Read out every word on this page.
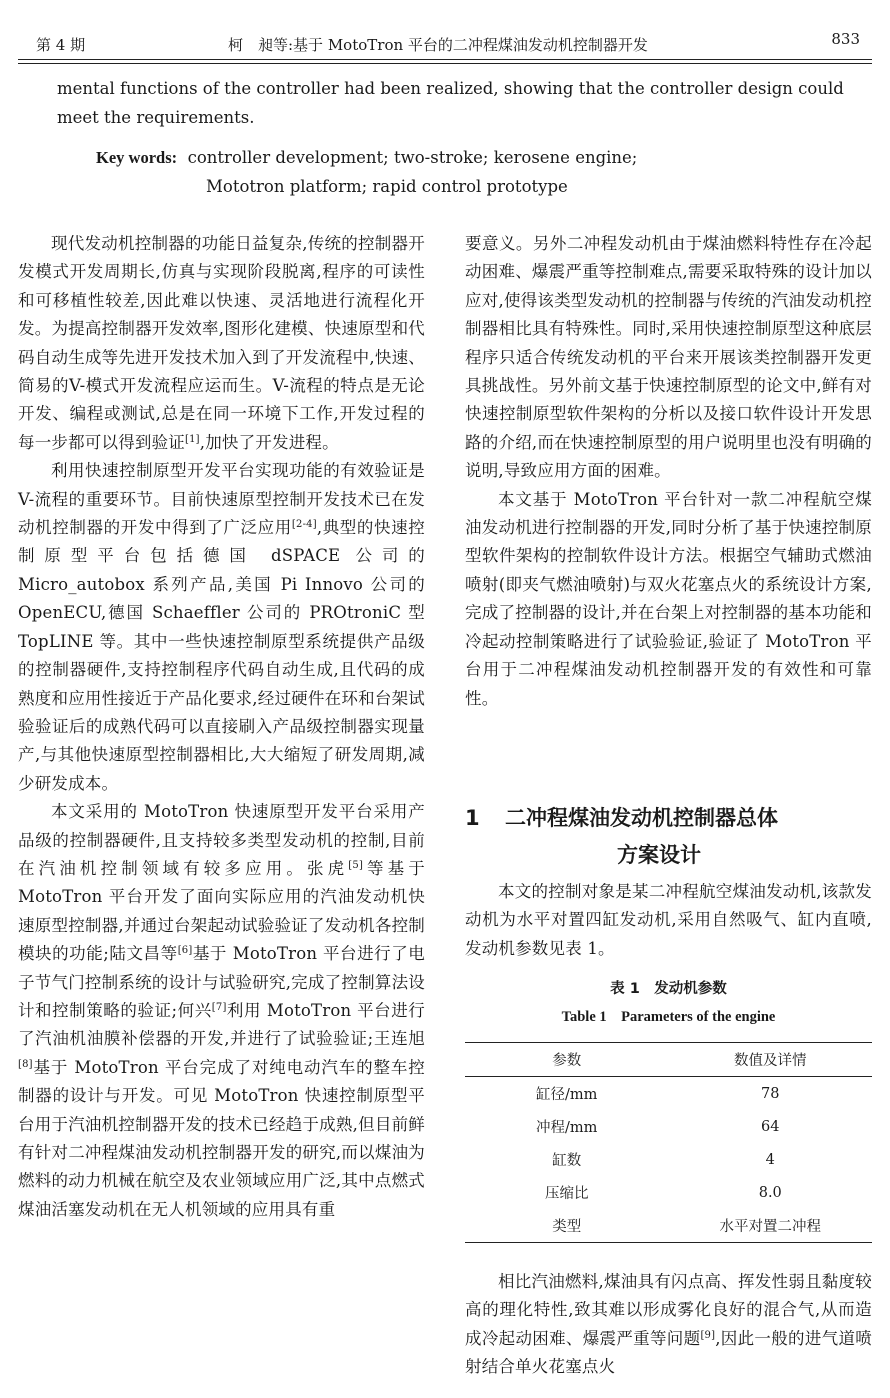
第 4 期	柯　昶等:基于 MotoTron 平台的二冲程煤油发动机控制器开发	833
mental functions of the controller had been realized, showing that the controller design could
meet the requirements.
Key words: controller development; two-stroke; kerosene engine;
Mototron platform; rapid control prototype

现代发动机控制器的功能日益复杂,传统的控制器开发模式开发周期长,仿真与实现阶段脱离,程序的可读性和可移植性较差,因此难以快速、灵活地进行流程化开发。为提高控制器开发效率,图形化建模、快速原型和代码自动生成等先进开发技术加入到了开发流程中,快速、简易的V-模式开发流程应运而生。V-流程的特点是无论开发、编程或测试,总是在同一环境下工作,开发过程的每一步都可以得到验证[1],加快了开发进程。

利用快速控制原型开发平台实现功能的有效验证是 V-流程的重要环节。目前快速原型控制开发技术已在发动机控制器的开发中得到了广泛应用[2-4],典型的快速控制原型平台包括德国 dSPACE 公司的 Micro_autobox 系列产品,美国 Pi Innovo 公司的 OpenECU,德国 Schaeffler 公司的 PROtroniC 型 TopLINE 等。其中一些快速控制原型系统提供产品级的控制器硬件,支持控制程序代码自动生成,且代码的成熟度和应用性接近于产品化要求,经过硬件在环和台架试验验证后的成熟代码可以直接刷入产品级控制器实现量产,与其他快速原型控制器相比,大大缩短了研发周期,减少研发成本。

本文采用的 MotoTron 快速原型开发平台采用产品级的控制器硬件,且支持较多类型发动机的控制,目前在汽油机控制领域有较多应用。张虎[5]等基于 MotoTron 平台开发了面向实际应用的汽油发动机快速原型控制器,并通过台架起动试验验证了发动机各控制模块的功能;陆文昌等[6]基于 MotoTron 平台进行了电子节气门控制系统的设计与试验研究,完成了控制算法设计和控制策略的验证;何兴[7]利用 MotoTron 平台进行了汽油机油膜补偿器的开发,并进行了试验验证;王连旭[8]基于 MotoTron 平台完成了对纯电动汽车的整车控制器的设计与开发。可见 MotoTron 快速控制原型平台用于汽油机控制器开发的技术已经趋于成熟,但目前鲜有针对二冲程煤油发动机控制器开发的研究,而以煤油为燃料的动力机械在航空及农业领域应用广泛,其中点燃式煤油活塞发动机在无人机领域的应用具有重

要意义。另外二冲程发动机由于煤油燃料特性存在冷起动困难、爆震严重等控制难点,需要采取特殊的设计加以应对,使得该类型发动机的控制器与传统的汽油发动机控制器相比具有特殊性。同时,采用快速控制原型这种底层程序只适合传统发动机的平台来开展该类控制器开发更具挑战性。另外前文基于快速控制原型的论文中,鲜有对快速控制原型软件架构的分析以及接口软件设计开发思路的介绍,而在快速控制原型的用户说明里也没有明确的说明,导致应用方面的困难。

本文基于 MotoTron 平台针对一款二冲程航空煤油发动机进行控制器的开发,同时分析了基于快速控制原型软件架构的控制软件设计方法。根据空气辅助式燃油喷射(即夹气燃油喷射)与双火花塞点火的系统设计方案,完成了控制器的设计,并在台架上对控制器的基本功能和冷起动控制策略进行了试验验证,验证了 MotoTron 平台用于二冲程煤油发动机控制器开发的有效性和可靠性。

1 二冲程煤油发动机控制器总体
方案设计

本文的控制对象是某二冲程航空煤油发动机,该款发动机为水平对置四缸发动机,采用自然吸气、缸内直喷,发动机参数见表 1。

表 1　发动机参数
Table 1　Parameters of the engine
参数	数值及详情
缸径/mm	78
冲程/mm	64
缸数	4
压缩比	8.0
类型	水平对置二冲程

相比汽油燃料,煤油具有闪点高、挥发性弱且黏度较高的理化特性,致其难以形成雾化良好的混合气,从而造成冷起动困难、爆震严重等问题[9],因此一般的进气道喷射结合单火花塞点火
